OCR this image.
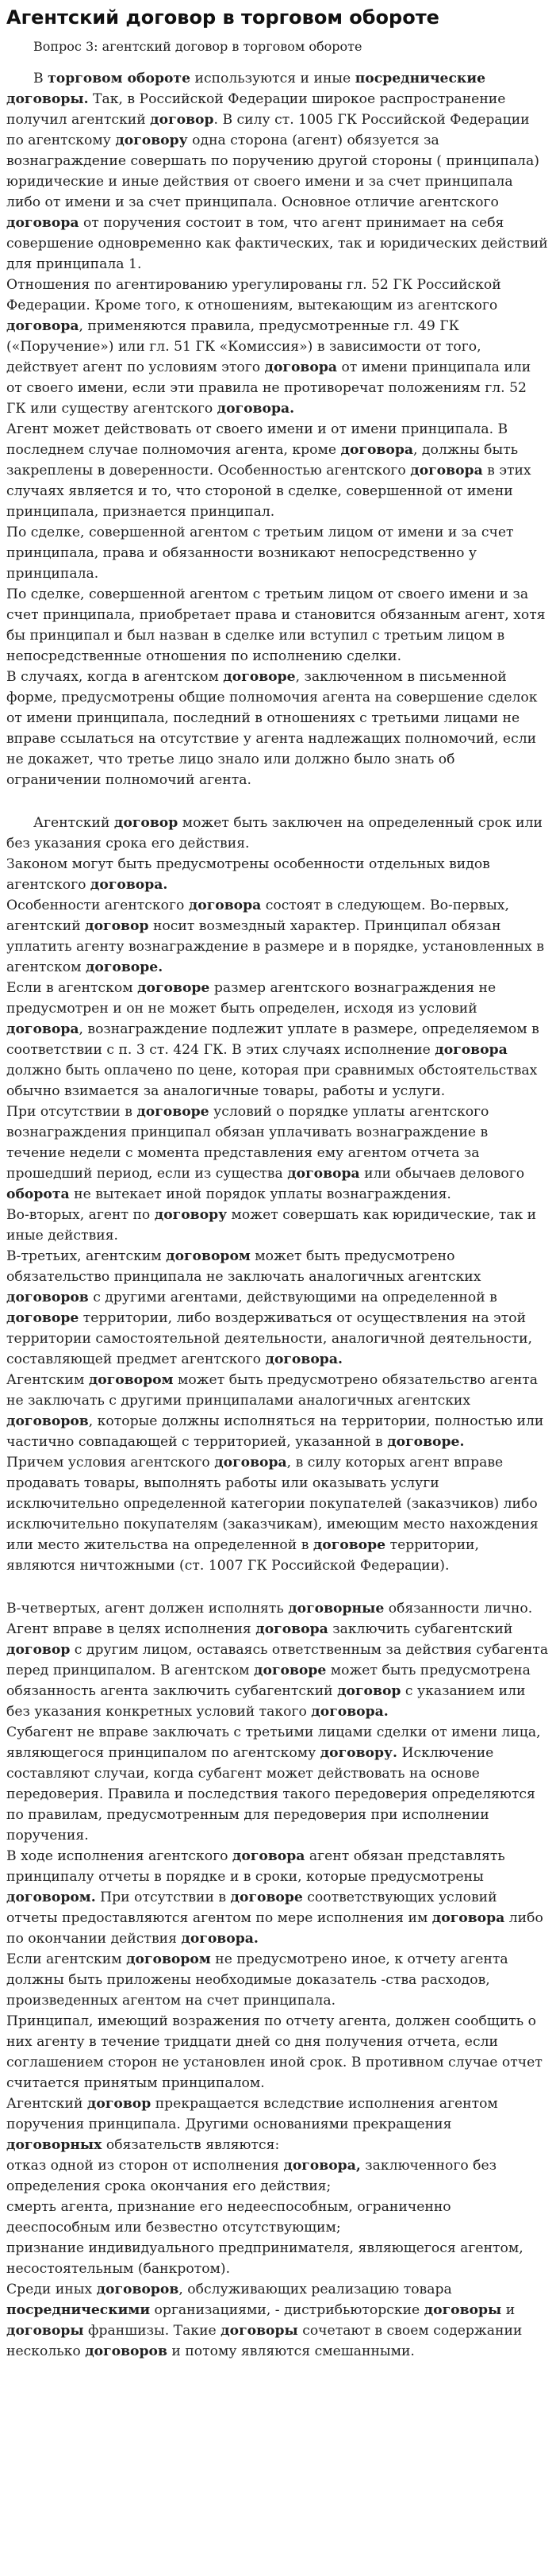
Агентский договор в торговом обороте
Вопрос 3: агентский договор в торговом обороте

В торговом обороте используются и иные посреднические договоры. Так, в Российской Федерации широкое распространение получил агентский договор. В силу ст. 1005 ГК Российской Федерации по агентскому договору одна сторона (агент) обязуется за вознаграждение совершать по поручению другой стороны ( принципала) юридические и иные действия от своего имени и за счет принципала либо от имени и за счет принципала. Основное отличие агентского договора от поручения состоит в том, что агент принимает на себя совершение одновременно как фактических, так и юридических действий для принципала 1.

Отношения по агентированию урегулированы гл. 52 ГК Российской Федерации. Кроме того, к отношениям, вытекающим из агентского договора, применяются правила, предусмотренные гл. 49 ГК («Поручение») или гл. 51 ГК «Комиссия») в зависимости от того, действует агент по условиям этого договора от имени принципала или от своего имени, если эти правила не противоречат положениям гл. 52 ГК или существу агентского договора.

Агент может действовать от своего имени и от имени принципала. В последнем случае полномочия агента, кроме договора, должны быть закреплены в доверенности. Особенностью агентского договора в этих случаях является и то, что стороной в сделке, совершенной от имени принципала, признается принципал.

По сделке, совершенной агентом с третьим лицом от имени и за счет принципала, права и обязанности возникают непосредственно у принципала.

По сделке, совершенной агентом с третьим лицом от своего имени и за счет принципала, приобретает права и становится обязанным агент, хотя бы принципал и был назван в сделке или вступил с третьим лицом в непосредственные отношения по исполнению сделки.

В случаях, когда в агентском договоре, заключенном в письменной форме, предусмотрены общие полномочия агента на совершение сделок от имени принципала, последний в отношениях с третьими лицами не вправе ссылаться на отсутствие у агента надлежащих полномочий, если не докажет, что третье лицо знало или должно было знать об ограничении полномочий агента.

Агентский договор может быть заключен на определенный срок или без указания срока его действия.

Законом могут быть предусмотрены особенности отдельных видов агентского договора.

Особенности агентского договора состоят в следующем. Во-первых, агентский договор носит возмездный характер. Принципал обязан уплатить агенту вознаграждение в размере и в порядке, установленных в агентском договоре.

Если в агентском договоре размер агентского вознаграждения не предусмотрен и он не может быть определен, исходя из условий договора, вознаграждение подлежит уплате в размере, определяемом в соответствии с п. 3 ст. 424 ГК. В этих случаях исполнение договора должно быть оплачено по цене, которая при сравнимых обстоятельствах обычно взимается за аналогичные товары, работы и услуги.

При отсутствии в договоре условий о порядке уплаты агентского вознаграждения принципал обязан уплачивать вознаграждение в течение недели с момента представления ему агентом отчета за прошедший период, если из существа договора или обычаев делового оборота не вытекает иной порядок уплаты вознаграждения.

Во-вторых, агент по договору может совершать как юридические, так и иные действия.

В-третьих, агентским договором может быть предусмотрено обязательство принципала не заключать аналогичных агентских договоров с другими агентами, действующими на определенной в договоре территории, либо воздерживаться от осуществления на этой территории самостоятельной деятельности, аналогичной деятельности, составляющей предмет агентского договора.

Агентским договором может быть предусмотрено обязательство агента не заключать с другими принципалами аналогичных агентских договоров, которые должны исполняться на территории, полностью или частично совпадающей с территорией, указанной в договоре.

Причем условия агентского договора, в силу которых агент вправе продавать товары, выполнять работы или оказывать услуги исключительно определенной категории покупателей (заказчиков) либо исключительно покупателям (заказчикам), имеющим место нахождения или место жительства на определенной в договоре территории, являются ничтожными (ст. 1007 ГК Российской Федерации).

В-четвертых, агент должен исполнять договорные обязанности лично. Агент вправе в целях исполнения договора заключить субагентский договор с другим лицом, оставаясь ответственным за действия субагента перед принципалом. В агентском договоре может быть предусмотрена обязанность агента заключить субагентский договор с указанием или без указания конкретных условий такого договора.

Субагент не вправе заключать с третьими лицами сделки от имени лица, являющегося принципалом по агентскому договору. Исключение составляют случаи, когда субагент может действовать на основе передоверия. Правила и последствия такого передоверия определяются по правилам, предусмотренным для передоверия при исполнении поручения.

В ходе исполнения агентского договора агент обязан представлять принципалу отчеты в порядке и в сроки, которые предусмотрены договором. При отсутствии в договоре соответствующих условий отчеты предоставляются агентом по мере исполнения им договора либо по окончании действия договора.

Если агентским договором не предусмотрено иное, к отчету агента должны быть приложены необходимые доказатель -ства расходов, произведенных агентом на счет принципала.

Принципал, имеющий возражения по отчету агента, должен сообщить о них агенту в течение тридцати дней со дня получения отчета, если соглашением сторон не установлен иной срок. В противном случае отчет считается принятым принципалом.

Агентский договор прекращается вследствие исполнения агентом поручения принципала. Другими основаниями прекращения договорных обязательств являются:

отказ одной из сторон от исполнения договора, заключенного без определения срока окончания его действия;

смерть агента, признание его недееспособным, ограниченно дееспособным или безвестно отсутствующим;

признание индивидуального предпринимателя, являющегося агентом, несостоятельным (банкротом).

Среди иных договоров, обслуживающих реализацию товара посредническими организациями, - дистрибьюторские договоры и договоры франшизы. Такие договоры сочетают в своем содержании несколько договоров и потому являются смешанными.
